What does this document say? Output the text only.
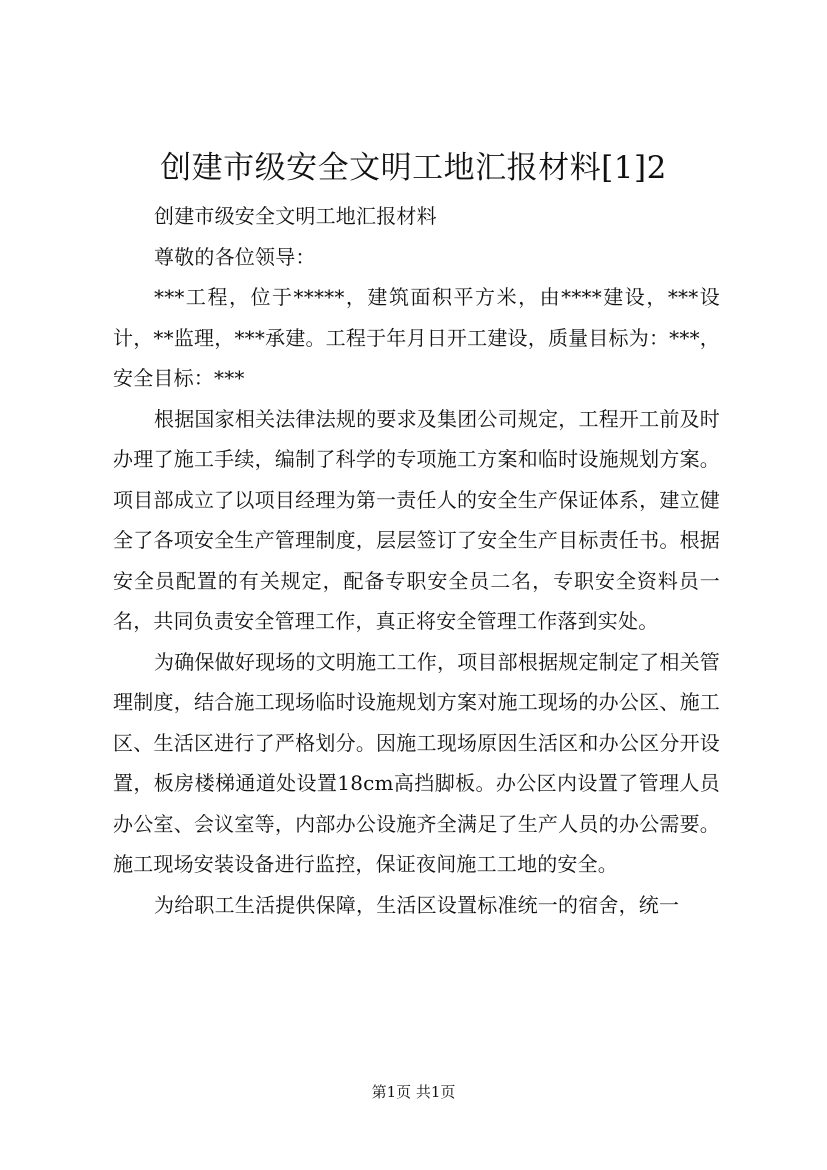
创建市级安全文明工地汇报材料[1]2

创建市级安全文明工地汇报材料

尊敬的各位领导：

***工程，位于*****，建筑面积平方米，由****建设，***设计，**监理，***承建。工程于年月日开工建设，质量目标为：***，安全目标：***

根据国家相关法律法规的要求及集团公司规定，工程开工前及时办理了施工手续，编制了科学的专项施工方案和临时设施规划方案。项目部成立了以项目经理为第一责任人的安全生产保证体系，建立健全了各项安全生产管理制度，层层签订了安全生产目标责任书。根据安全员配置的有关规定，配备专职安全员二名，专职安全资料员一名，共同负责安全管理工作，真正将安全管理工作落到实处。

为确保做好现场的文明施工工作，项目部根据规定制定了相关管理制度，结合施工现场临时设施规划方案对施工现场的办公区、施工区、生活区进行了严格划分。因施工现场原因生活区和办公区分开设置，板房楼梯通道处设置18cm高挡脚板。办公区内设置了管理人员办公室、会议室等，内部办公设施齐全满足了生产人员的办公需要。施工现场安装设备进行监控，保证夜间施工工地的安全。

为给职工生活提供保障，生活区设置标准统一的宿舍，统一

第1页 共1页
